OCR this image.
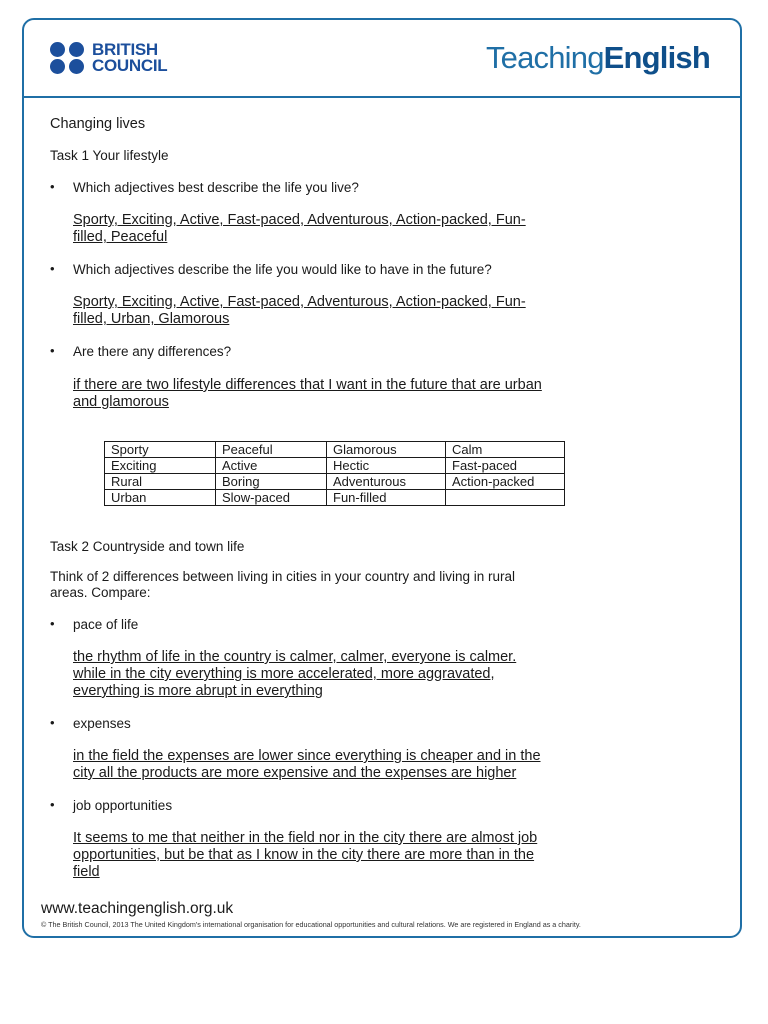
BRITISH
COUNCIL	TeachingEnglish
Changing lives
Task 1 Your lifestyle
• Which adjectives best describe the life you live?
Sporty, Exciting, Active, Fast-paced, Adventurous, Action-packed, Fun-
filled, Peaceful
• Which adjectives describe the life you would like to have in the future?
Sporty, Exciting, Active, Fast-paced, Adventurous, Action-packed, Fun-
filled, Urban, Glamorous
• Are there any differences?
if there are two lifestyle differences that I want in the future that are urban
and glamorous
Sporty	Peaceful	Glamorous	Calm
Exciting	Active	Hectic	Fast-paced
Rural	Boring	Adventurous	Action-packed
Urban	Slow-paced	Fun-filled	
Task 2 Countryside and town life
Think of 2 differences between living in cities in your country and living in rural
areas. Compare:
• pace of life
the rhythm of life in the country is calmer, calmer, everyone is calmer.
while in the city everything is more accelerated, more aggravated,
everything is more abrupt in everything
• expenses
in the field the expenses are lower since everything is cheaper and in the
city all the products are more expensive and the expenses are higher
• job opportunities
It seems to me that neither in the field nor in the city there are almost job
opportunities, but be that as I know in the city there are more than in the
field
www.teachingenglish.org.uk
© The British Council, 2013 The United Kingdom's international organisation for educational opportunities and cultural relations. We are registered in England as a charity.
